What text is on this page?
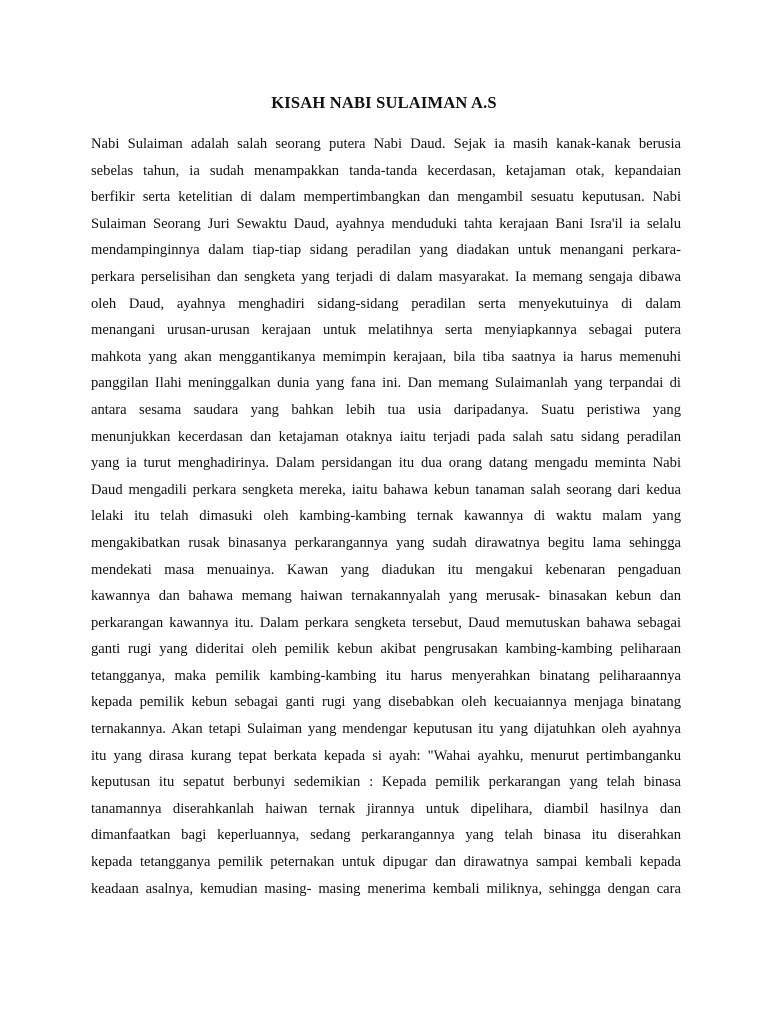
KISAH NABI SULAIMAN A.S
Nabi Sulaiman adalah salah seorang putera Nabi Daud. Sejak ia masih kanak-kanak berusia
sebelas tahun, ia sudah menampakkan tanda-tanda kecerdasan, ketajaman otak, kepandaian
berfikir serta ketelitian di dalam mempertimbangkan dan mengambil sesuatu keputusan. Nabi
Sulaiman Seorang Juri Sewaktu Daud, ayahnya menduduki tahta kerajaan Bani Isra'il ia selalu
mendampinginnya dalam tiap-tiap sidang peradilan yang diadakan untuk menangani perkara-
perkara perselisihan dan sengketa yang terjadi di dalam masyarakat. Ia memang sengaja dibawa
oleh Daud, ayahnya menghadiri sidang-sidang peradilan serta menyekutuinya di dalam
menangani urusan-urusan kerajaan untuk melatihnya serta menyiapkannya sebagai putera
mahkota yang akan menggantikanya memimpin kerajaan, bila tiba saatnya ia harus memenuhi
panggilan Ilahi meninggalkan dunia yang fana ini. Dan memang Sulaimanlah yang terpandai di
antara sesama saudara yang bahkan lebih tua usia daripadanya. Suatu peristiwa yang
menunjukkan kecerdasan dan ketajaman otaknya iaitu terjadi pada salah satu sidang peradilan
yang ia turut menghadirinya. Dalam persidangan itu dua orang datang mengadu meminta Nabi
Daud mengadili perkara sengketa mereka, iaitu bahawa kebun tanaman salah seorang dari kedua
lelaki itu telah dimasuki oleh kambing-kambing ternak kawannya di waktu malam yang
mengakibatkan rusak binasanya perkarangannya yang sudah dirawatnya begitu lama sehingga
mendekati masa menuainya. Kawan yang diadukan itu mengakui kebenaran pengaduan
kawannya dan bahawa memang haiwan ternakannyalah yang merusak- binasakan kebun dan
perkarangan kawannya itu. Dalam perkara sengketa tersebut, Daud memutuskan bahawa sebagai
ganti rugi yang dideritai oleh pemilik kebun akibat pengrusakan kambing-kambing peliharaan
tetangganya, maka pemilik kambing-kambing itu harus menyerahkan binatang peliharaannya
kepada pemilik kebun sebagai ganti rugi yang disebabkan oleh kecuaiannya menjaga binatang
ternakannya. Akan tetapi Sulaiman yang mendengar keputusan itu yang dijatuhkan oleh ayahnya
itu yang dirasa kurang tepat berkata kepada si ayah: "Wahai ayahku, menurut pertimbanganku
keputusan itu sepatut berbunyi sedemikian : Kepada pemilik perkarangan yang telah binasa
tanamannya diserahkanlah haiwan ternak jirannya untuk dipelihara, diambil hasilnya dan
dimanfaatkan bagi keperluannya, sedang perkarangannya yang telah binasa itu diserahkan
kepada tetangganya pemilik peternakan untuk dipugar dan dirawatnya sampai kembali kepada
keadaan asalnya, kemudian masing- masing menerima kembali miliknya, sehingga dengan cara
